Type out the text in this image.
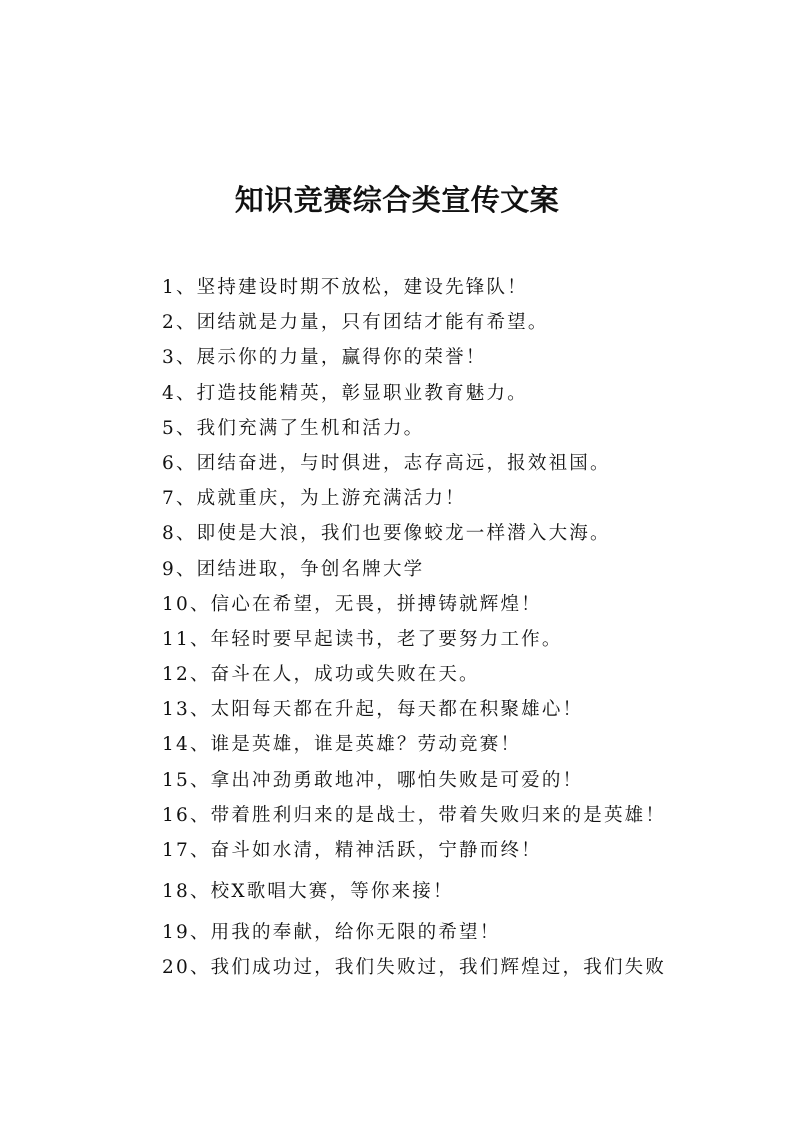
知识竞赛综合类宣传文案
1、坚持建设时期不放松，建设先锋队！
2、团结就是力量，只有团结才能有希望。
3、展示你的力量，赢得你的荣誉！
4、打造技能精英，彰显职业教育魅力。
5、我们充满了生机和活力。
6、团结奋进，与时俱进，志存高远，报效祖国。
7、成就重庆，为上游充满活力！
8、即使是大浪，我们也要像蛟龙一样潜入大海。
9、团结进取，争创名牌大学
10、信心在希望，无畏，拼搏铸就辉煌！
11、年轻时要早起读书，老了要努力工作。
12、奋斗在人，成功或失败在天。
13、太阳每天都在升起，每天都在积聚雄心！
14、谁是英雄，谁是英雄？劳动竞赛！
15、拿出冲劲勇敢地冲，哪怕失败是可爱的！
16、带着胜利归来的是战士，带着失败归来的是英雄！
17、奋斗如水清，精神活跃，宁静而终！
18、校X歌唱大赛，等你来接！
19、用我的奉献，给你无限的希望！
20、我们成功过，我们失败过，我们辉煌过，我们失败
